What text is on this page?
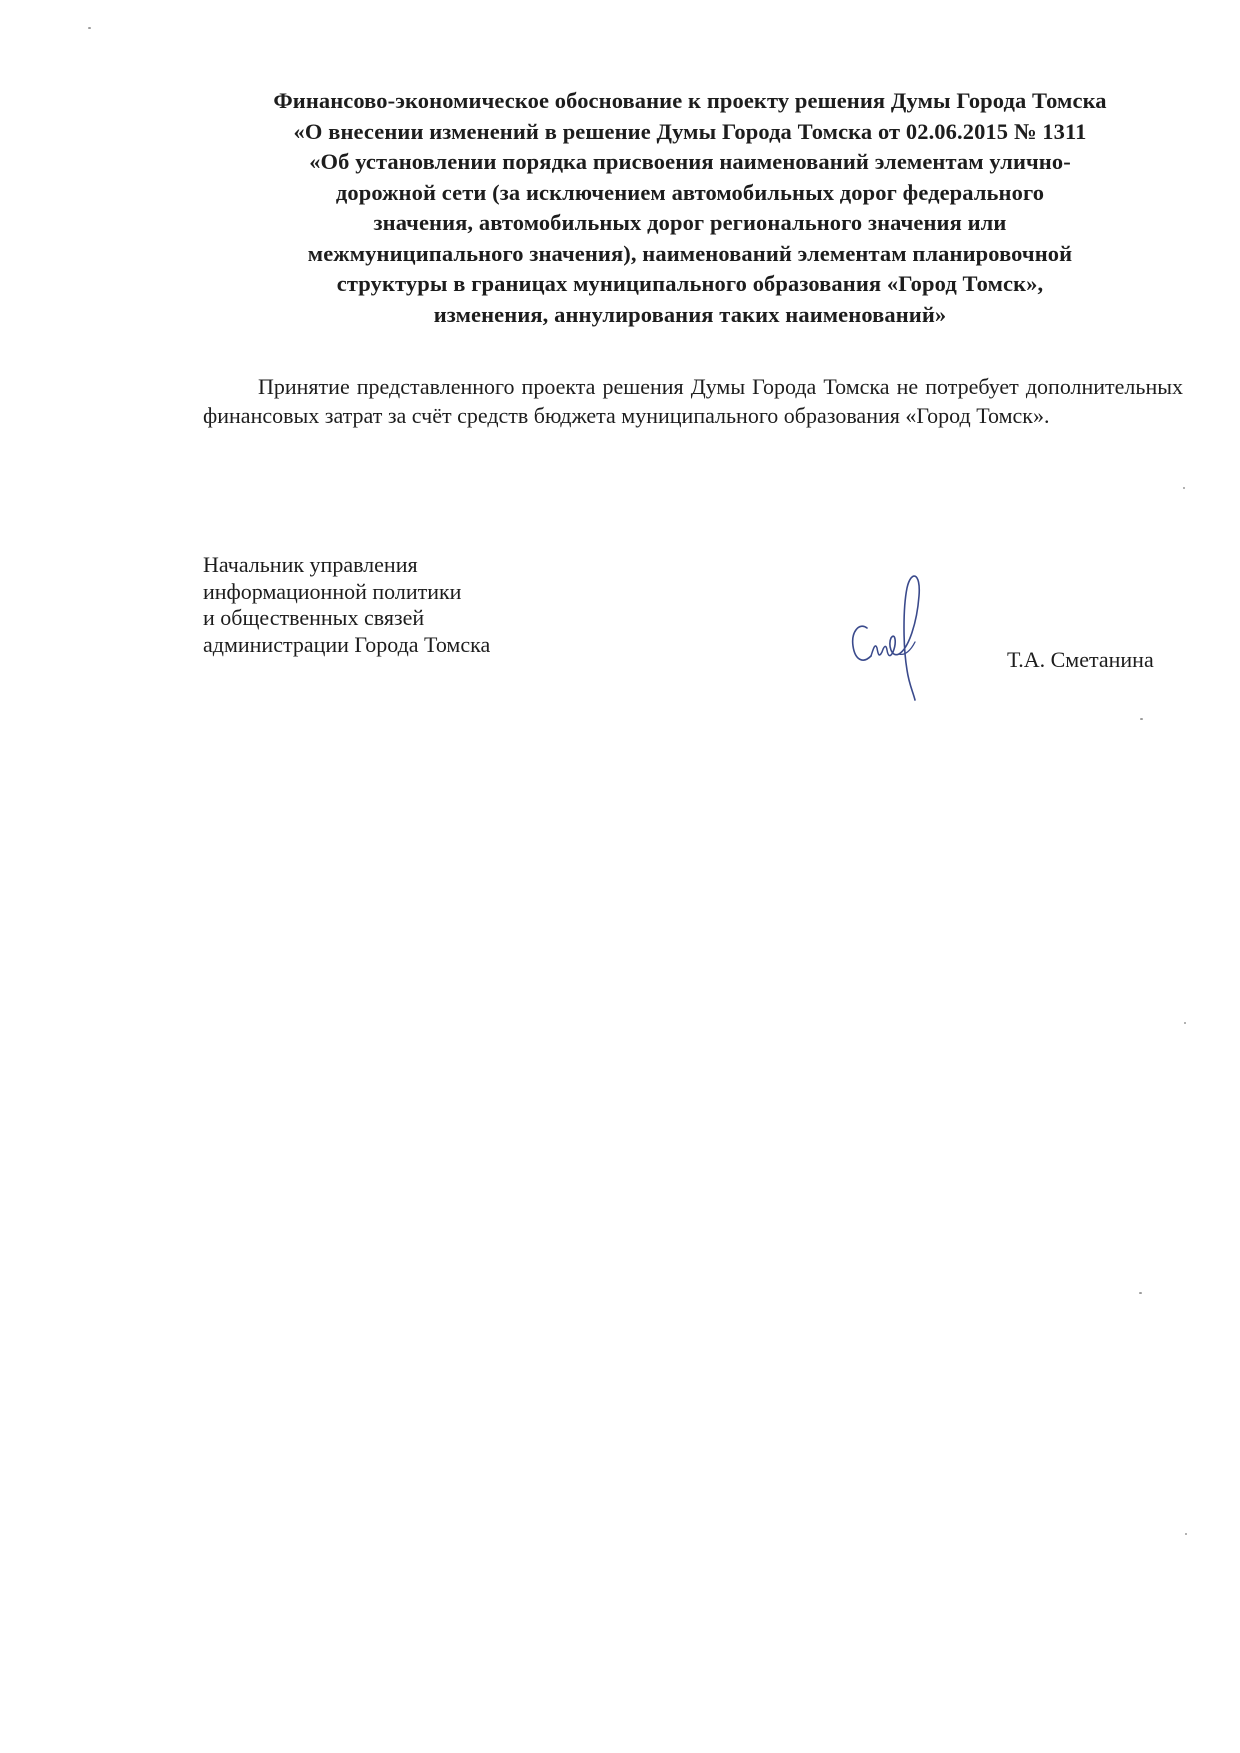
Финансово-экономическое обоснование к проекту решения Думы Города Томска
«О внесении изменений в решение Думы Города Томска от 02.06.2015 № 1311
«Об установлении порядка присвоения наименований элементам улично-
дорожной сети (за исключением автомобильных дорог федерального
значения, автомобильных дорог регионального значения или
межмуниципального значения), наименований элементам планировочной
структуры в границах муниципального образования «Город Томск»,
изменения, аннулирования таких наименований»

Принятие представленного проекта решения Думы Города Томска не потребует дополнительных финансовых затрат за счёт средств бюджета муниципального образования «Город Томск».

Начальник управления
информационной политики
и общественных связей
администрации Города Томска
Т.А. Сметанина
